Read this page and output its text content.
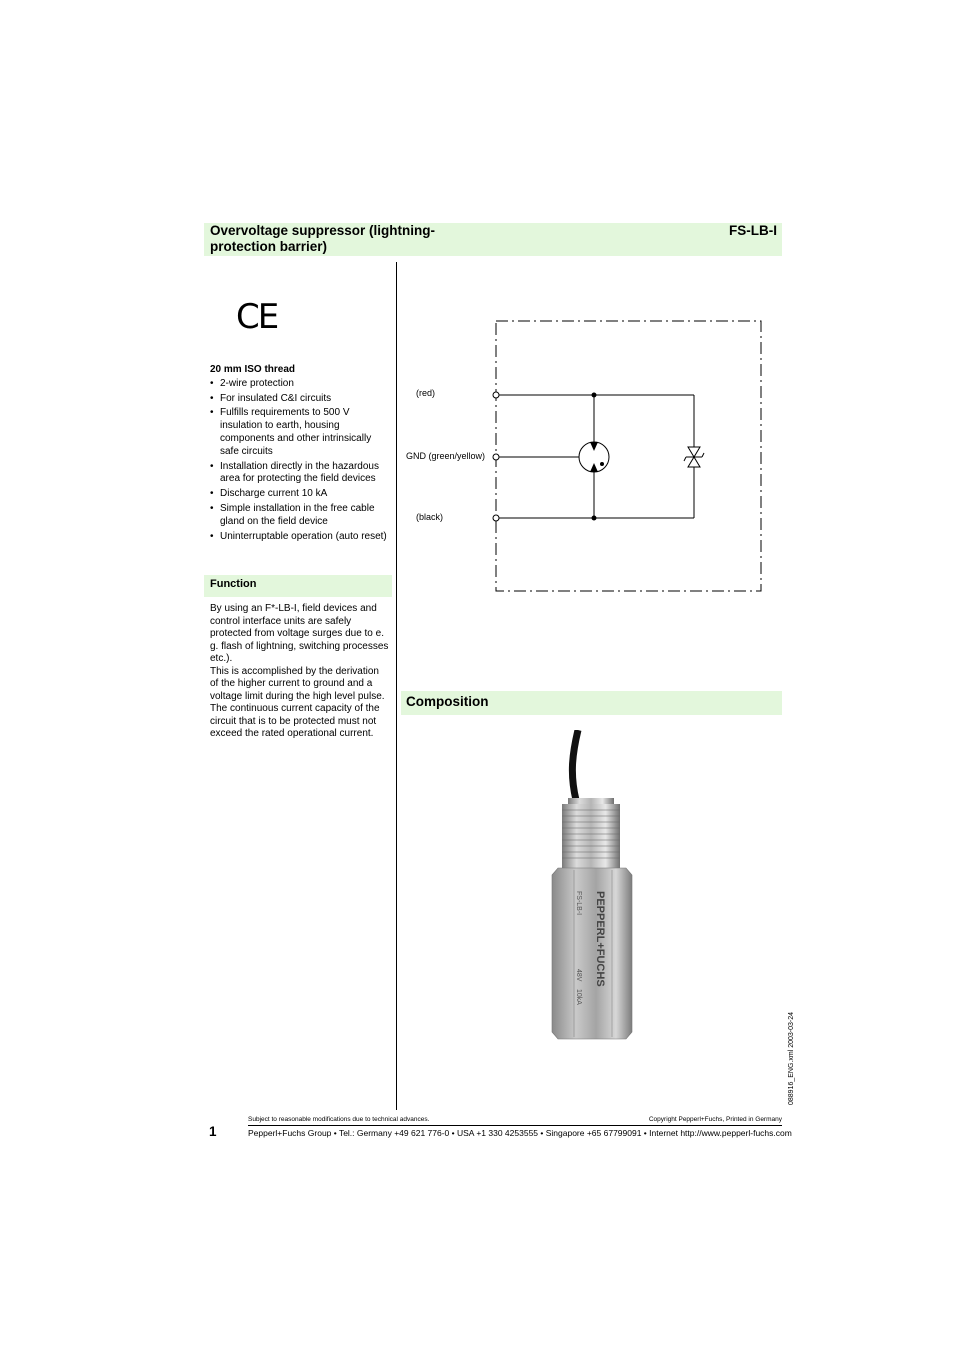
Overvoltage suppressor (lightning-protection barrier)
FS-LB-I
CE
20 mm ISO thread
• 2-wire protection
• For insulated C&I circuits
• Fulfills requirements to 500 V insulation to earth, housing components and other intrinsically safe circuits
• Installation directly in the hazardous area for protecting the field devices
• Discharge current 10 kA
• Simple installation in the free cable gland on the field device
• Uninterruptable operation (auto reset)
Function
By using an F*-LB-I, field devices and control interface units are safely protected from voltage surges due to e. g. flash of lightning, switching processes etc.).
This is accomplished by the derivation of the higher current to ground and a voltage limit during the high level pulse. The continuous current capacity of the circuit that is to be protected must not exceed the rated operational current.
(red)
GND (green/yellow)
(black)
Composition
PEPPERL+FUCHS
FS-LB-I
48V
10kA
088916_ENG.xml 2003-03-24
Subject to reasonable modifications due to technical advances.	Copyright Pepperl+Fuchs, Printed in Germany
1	Pepperl+Fuchs Group • Tel.: Germany +49 621 776-0 • USA +1 330 4253555 • Singapore +65 67799091 • Internet http://www.pepperl-fuchs.com
